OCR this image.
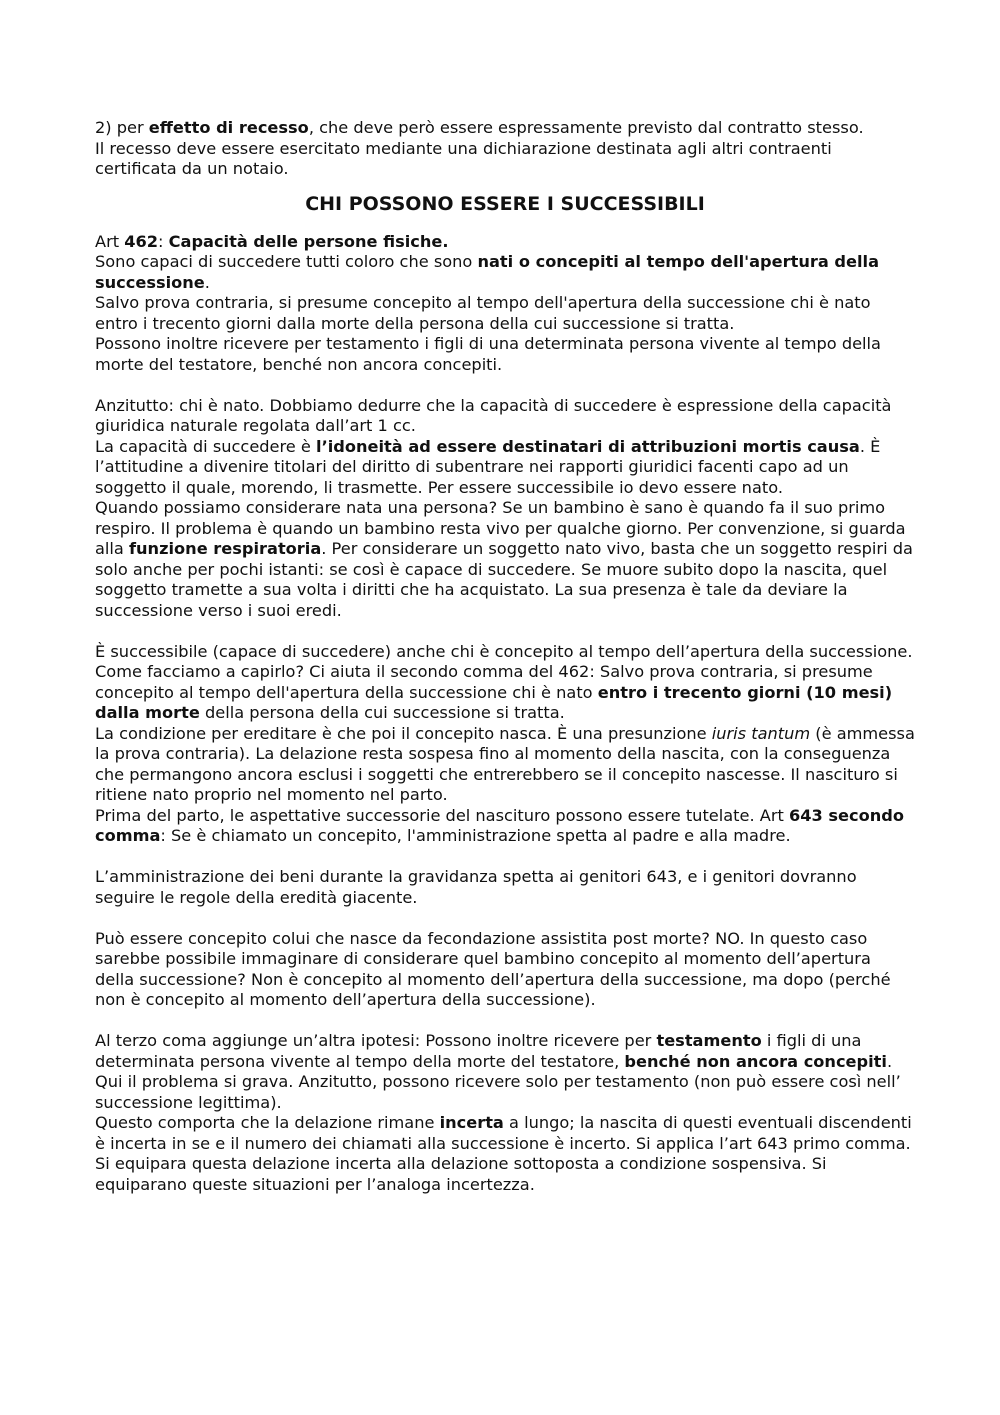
2) per effetto di recesso, che deve però essere espressamente previsto dal contratto stesso.

Il recesso deve essere esercitato mediante una dichiarazione destinata agli altri contraenti certificata da un notaio.

CHI POSSONO ESSERE I SUCCESSIBILI

Art 462: Capacità delle persone fisiche.

Sono capaci di succedere tutti coloro che sono nati o concepiti al tempo dell'apertura della successione.

Salvo prova contraria, si presume concepito al tempo dell'apertura della successione chi è nato entro i trecento giorni dalla morte della persona della cui successione si tratta.

Possono inoltre ricevere per testamento i figli di una determinata persona vivente al tempo della morte del testatore, benché non ancora concepiti.

Anzitutto: chi è nato. Dobbiamo dedurre che la capacità di succedere è espressione della capacità giuridica naturale regolata dall’art 1 cc.

La capacità di succedere è l’idoneità ad essere destinatari di attribuzioni mortis causa. È l’attitudine a divenire titolari del diritto di subentrare nei rapporti giuridici facenti capo ad un soggetto il quale, morendo, li trasmette. Per essere successibile io devo essere nato.

Quando possiamo considerare nata una persona? Se un bambino è sano è quando fa il suo primo respiro. Il problema è quando un bambino resta vivo per qualche giorno. Per convenzione, si guarda alla funzione respiratoria. Per considerare un soggetto nato vivo, basta che un soggetto respiri da solo anche per pochi istanti: se così è capace di succedere. Se muore subito dopo la nascita, quel soggetto tramette a sua volta i diritti che ha acquistato. La sua presenza è tale da deviare la successione verso i suoi eredi.

È successibile (capace di succedere) anche chi è concepito al tempo dell’apertura della successione. Come facciamo a capirlo? Ci aiuta il secondo comma del 462: Salvo prova contraria, si presume concepito al tempo dell'apertura della successione chi è nato entro i trecento giorni (10 mesi) dalla morte della persona della cui successione si tratta.

La condizione per ereditare è che poi il concepito nasca. È una presunzione iuris tantum (è ammessa la prova contraria). La delazione resta sospesa fino al momento della nascita, con la conseguenza che permangono ancora esclusi i soggetti che entrerebbero se il concepito nascesse. Il nascituro si ritiene nato proprio nel momento nel parto.

Prima del parto, le aspettative successorie del nascituro possono essere tutelate. Art 643 secondo comma: Se è chiamato un concepito, l'amministrazione spetta al padre e alla madre.

L’amministrazione dei beni durante la gravidanza spetta ai genitori 643, e i genitori dovranno seguire le regole della eredità giacente.

Può essere concepito colui che nasce da fecondazione assistita post morte? NO. In questo caso sarebbe possibile immaginare di considerare quel bambino concepito al momento dell’apertura della successione? Non è concepito al momento dell’apertura della successione, ma dopo (perché non è concepito al momento dell’apertura della successione).

Al terzo coma aggiunge un’altra ipotesi: Possono inoltre ricevere per testamento i figli di una determinata persona vivente al tempo della morte del testatore, benché non ancora concepiti.

Qui il problema si grava. Anzitutto, possono ricevere solo per testamento (non può essere così nell’ successione legittima).

Questo comporta che la delazione rimane incerta a lungo; la nascita di questi eventuali discendenti è incerta in se e il numero dei chiamati alla successione è incerto. Si applica l’art 643 primo comma. Si equipara questa delazione incerta alla delazione sottoposta a condizione sospensiva. Si equiparano queste situazioni per l’analoga incertezza.
